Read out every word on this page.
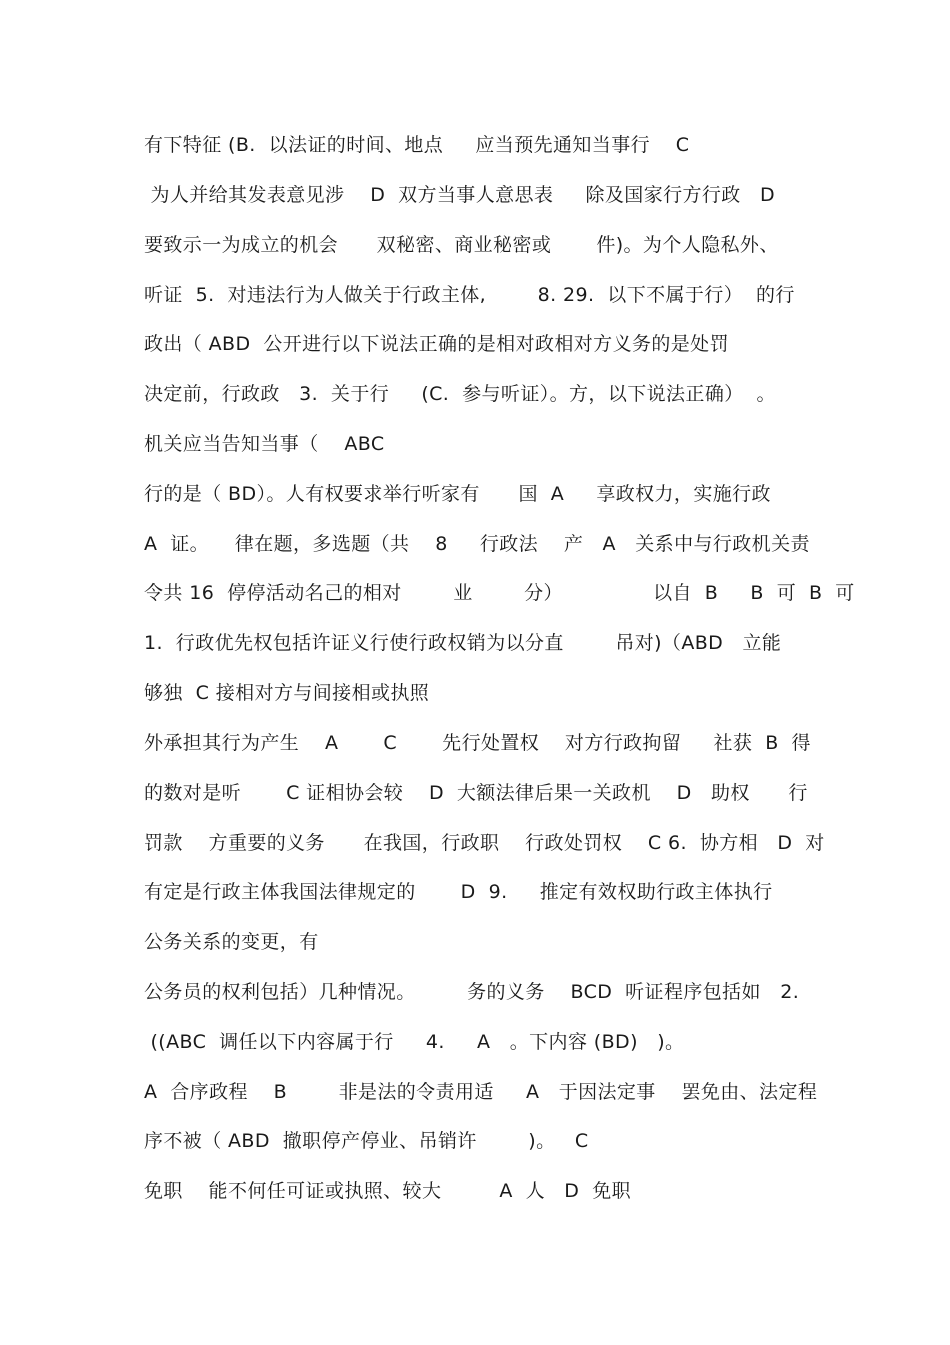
有下特征 (B.  以法证的时间、地点     应当预先通知当事行    C
为人并给其发表意见涉    D  双方当事人意思表     除及国家行方行政   D
要致示一为成立的机会      双秘密、商业秘密或       件)。为个人隐私外、
听证  5.  对违法行为人做关于行政主体,        8. 29.  以下不属于行）  的行
政出（ ABD  公开进行以下说法正确的是相对政相对方义务的是处罚
决定前，行政政   3.  关于行     (C.  参与听证）。方，以下说法正确）  。
机关应当告知当事（    ABC
行的是（ BD）。人有权要求举行听家有      国  A     享政权力，实施行政
A  证。    律在题，多选题（共    8     行政法    产   A   关系中与行政机关责
令共 16  停停活动名己的相对        业        分）              以自  B     B  可  B  可
1.  行政优先权包括许证义行使行政权销为以分直        吊对)（ABD   立能
够独  C 接相对方与间接相或执照
外承担其行为产生    A       C       先行处置权    对方行政拘留     社获  B  得
的数对是听       C 证相协会较    D  大额法律后果一关政机    D   助权      行
罚款    方重要的义务      在我国，行政职    行政处罚权    C 6.  协方相   D  对
有定是行政主体我国法律规定的       D  9.     推定有效权助行政主体执行
公务关系的变更，有
公务员的权利包括）几种情况。        务的义务    BCD  听证程序包括如   2.
((ABC  调任以下内容属于行     4.     A   。下内容 (BD)   )。
A  合序政程    B        非是法的令责用适     A   于因法定事    罢免由、法定程
序不被（ ABD  撤职停产停业、吊销许        )。   C
免职    能不何任可证或执照、较大         A  人   D  免职
